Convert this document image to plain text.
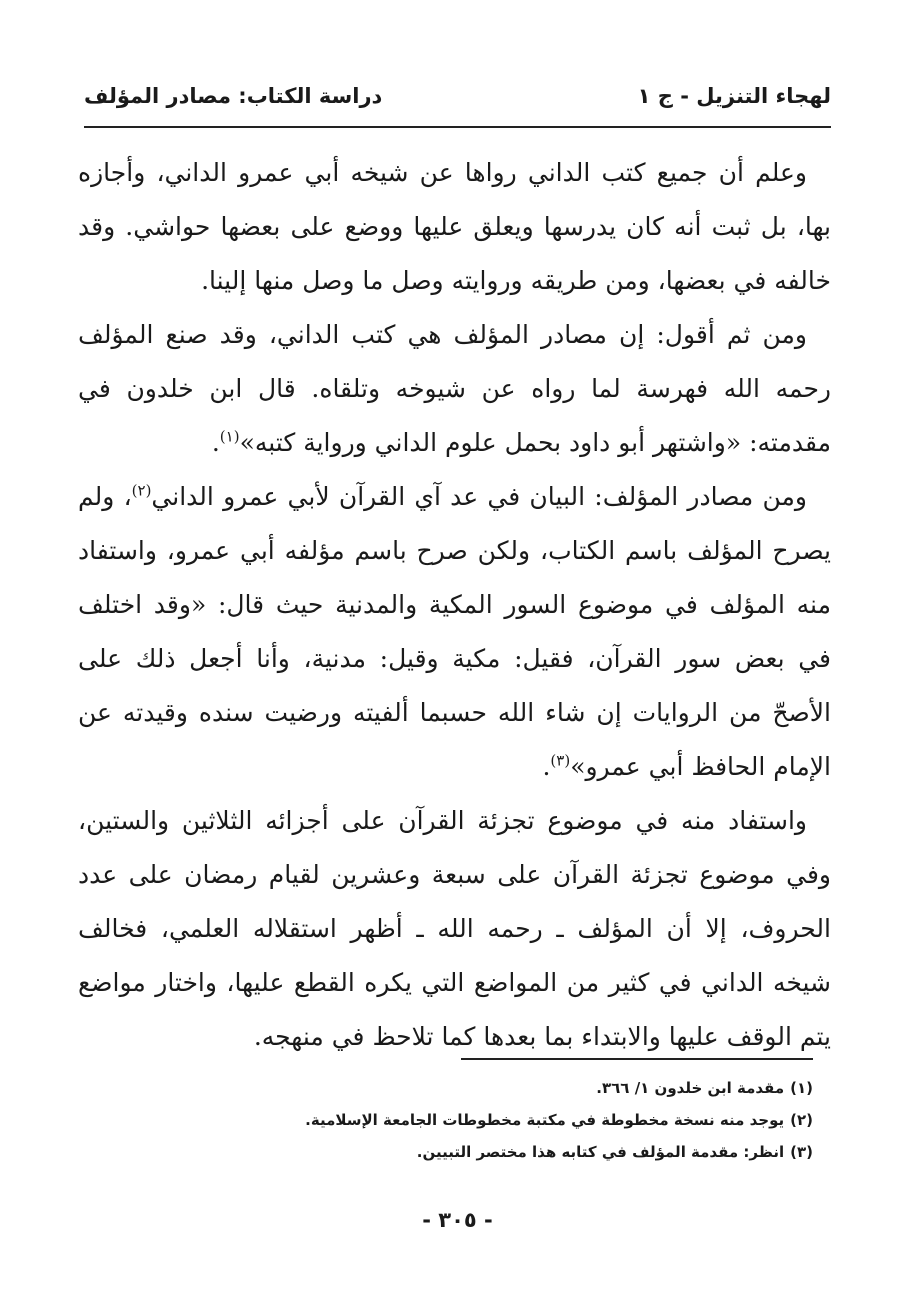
لهجاء التنزيل - ج ١
دراسة الكتاب: مصادر المؤلف

وعلم أن جميع كتب الداني رواها عن شيخه أبي عمرو الداني، وأجازه بها، بل ثبت أنه كان يدرسها ويعلق عليها ووضع على بعضها حواشي. وقد خالفه في بعضها، ومن طريقه وروايته وصل ما وصل منها إلينا.

ومن ثم أقول: إن مصادر المؤلف هي كتب الداني، وقد صنع المؤلف رحمه الله فهرسة لما رواه عن شيوخه وتلقاه. قال ابن خلدون في مقدمته: «واشتهر أبو داود بحمل علوم الداني ورواية كتبه»$^{(١)}$.

ومن مصادر المؤلف: البيان في عد آي القرآن لأبي عمرو الداني$^{(٢)}$، ولم يصرح المؤلف باسم الكتاب، ولكن صرح باسم مؤلفه أبي عمرو، واستفاد منه المؤلف في موضوع السور المكية والمدنية حيث قال: «وقد اختلف في بعض سور القرآن، فقيل: مكية وقيل: مدنية، وأنا أجعل ذلك على الأصحّ من الروايات إن شاء الله حسبما ألفيته ورضيت سنده وقيدته عن الإمام الحافظ أبي عمرو»$^{(٣)}$.

واستفاد منه في موضوع تجزئة القرآن على أجزائه الثلاثين والستين، وفي موضوع تجزئة القرآن على سبعة وعشرين لقيام رمضان على عدد الحروف، إلا أن المؤلف ـ رحمه الله ـ أظهر استقلاله العلمي، فخالف شيخه الداني في كثير من المواضع التي يكره القطع عليها، واختار مواضع يتم الوقف عليها والابتداء بما بعدها كما تلاحظ في منهجه.

(١)مقدمة ابن خلدون ١/ ٣٦٦.
(٢)يوجد منه نسخة مخطوطة في مكتبة مخطوطات الجامعة الإسلامية.
(٣)انظر: مقدمة المؤلف في كتابه هذا مختصر التبيين.
- ٣٠٥ -
